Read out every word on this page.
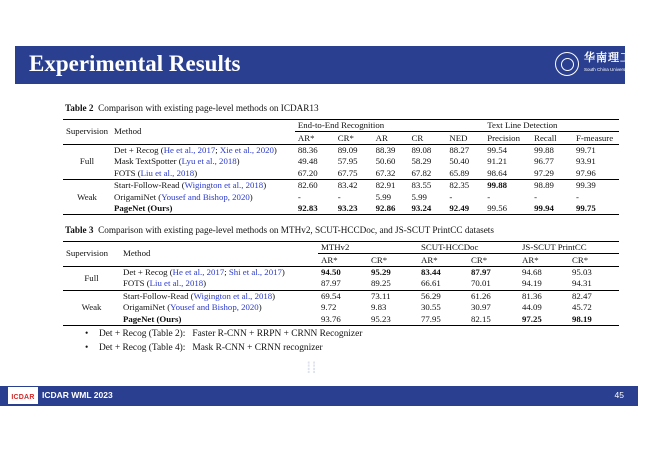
Experimental Results	华南理工大学
South China University of Technology
Table 2 Comparison with existing page-level methods on ICDAR13
Supervision	Method	End-to-End Recognition					Text Line Detection		
		AR*	CR*	AR	CR	NED	Precision	Recall	F-measure
Full	Det + Recog (He et al., 2017; Xie et al., 2020)	88.36	89.09	88.39	89.08	88.27	99.54	99.88	99.71
	Mask TextSpotter (Lyu et al., 2018)	49.48	57.95	50.60	58.29	50.40	91.21	96.77	93.91
	FOTS (Liu et al., 2018)	67.20	67.75	67.32	67.82	65.89	98.64	97.29	97.96
Weak	Start-Follow-Read (Wigington et al., 2018)	82.60	83.42	82.91	83.55	82.35	99.88	98.89	99.39
	OrigamiNet (Yousef and Bishop, 2020)	-	-	5.99	5.99	-	-	-	-
	PageNet (Ours)	92.83	93.23	92.86	93.24	92.49	99.56	99.94	99.75
Table 3 Comparison with existing page-level methods on MTHv2, SCUT-HCCDoc, and JS-SCUT PrintCC datasets
Supervision	Method	MTHv2		SCUT-HCCDoc		JS-SCUT PrintCC	
		AR*	CR*	AR*	CR*	AR*	CR*
Full	Det + Recog (He et al., 2017; Shi et al., 2017)	94.50	95.29	83.44	87.97	94.68	95.03
	FOTS (Liu et al., 2018)	87.97	89.25	66.61	70.01	94.19	94.31
Weak	Start-Follow-Read (Wigington et al., 2018)	69.54	73.11	56.29	61.26	81.36	82.47
	OrigamiNet (Yousef and Bishop, 2020)	9.72	9.83	30.55	30.97	44.09	45.72
	PageNet (Ours)	93.76	95.23	77.95	82.15	97.25	98.19
• Det + Recog (Table 2): Faster R-CNN + RRPN + CRNN Recognizer
• Det + Recog (Table 4): Mask R-CNN + CRNN recognizer
⁞⁞
ICDAR ICDAR WML 2023	45
